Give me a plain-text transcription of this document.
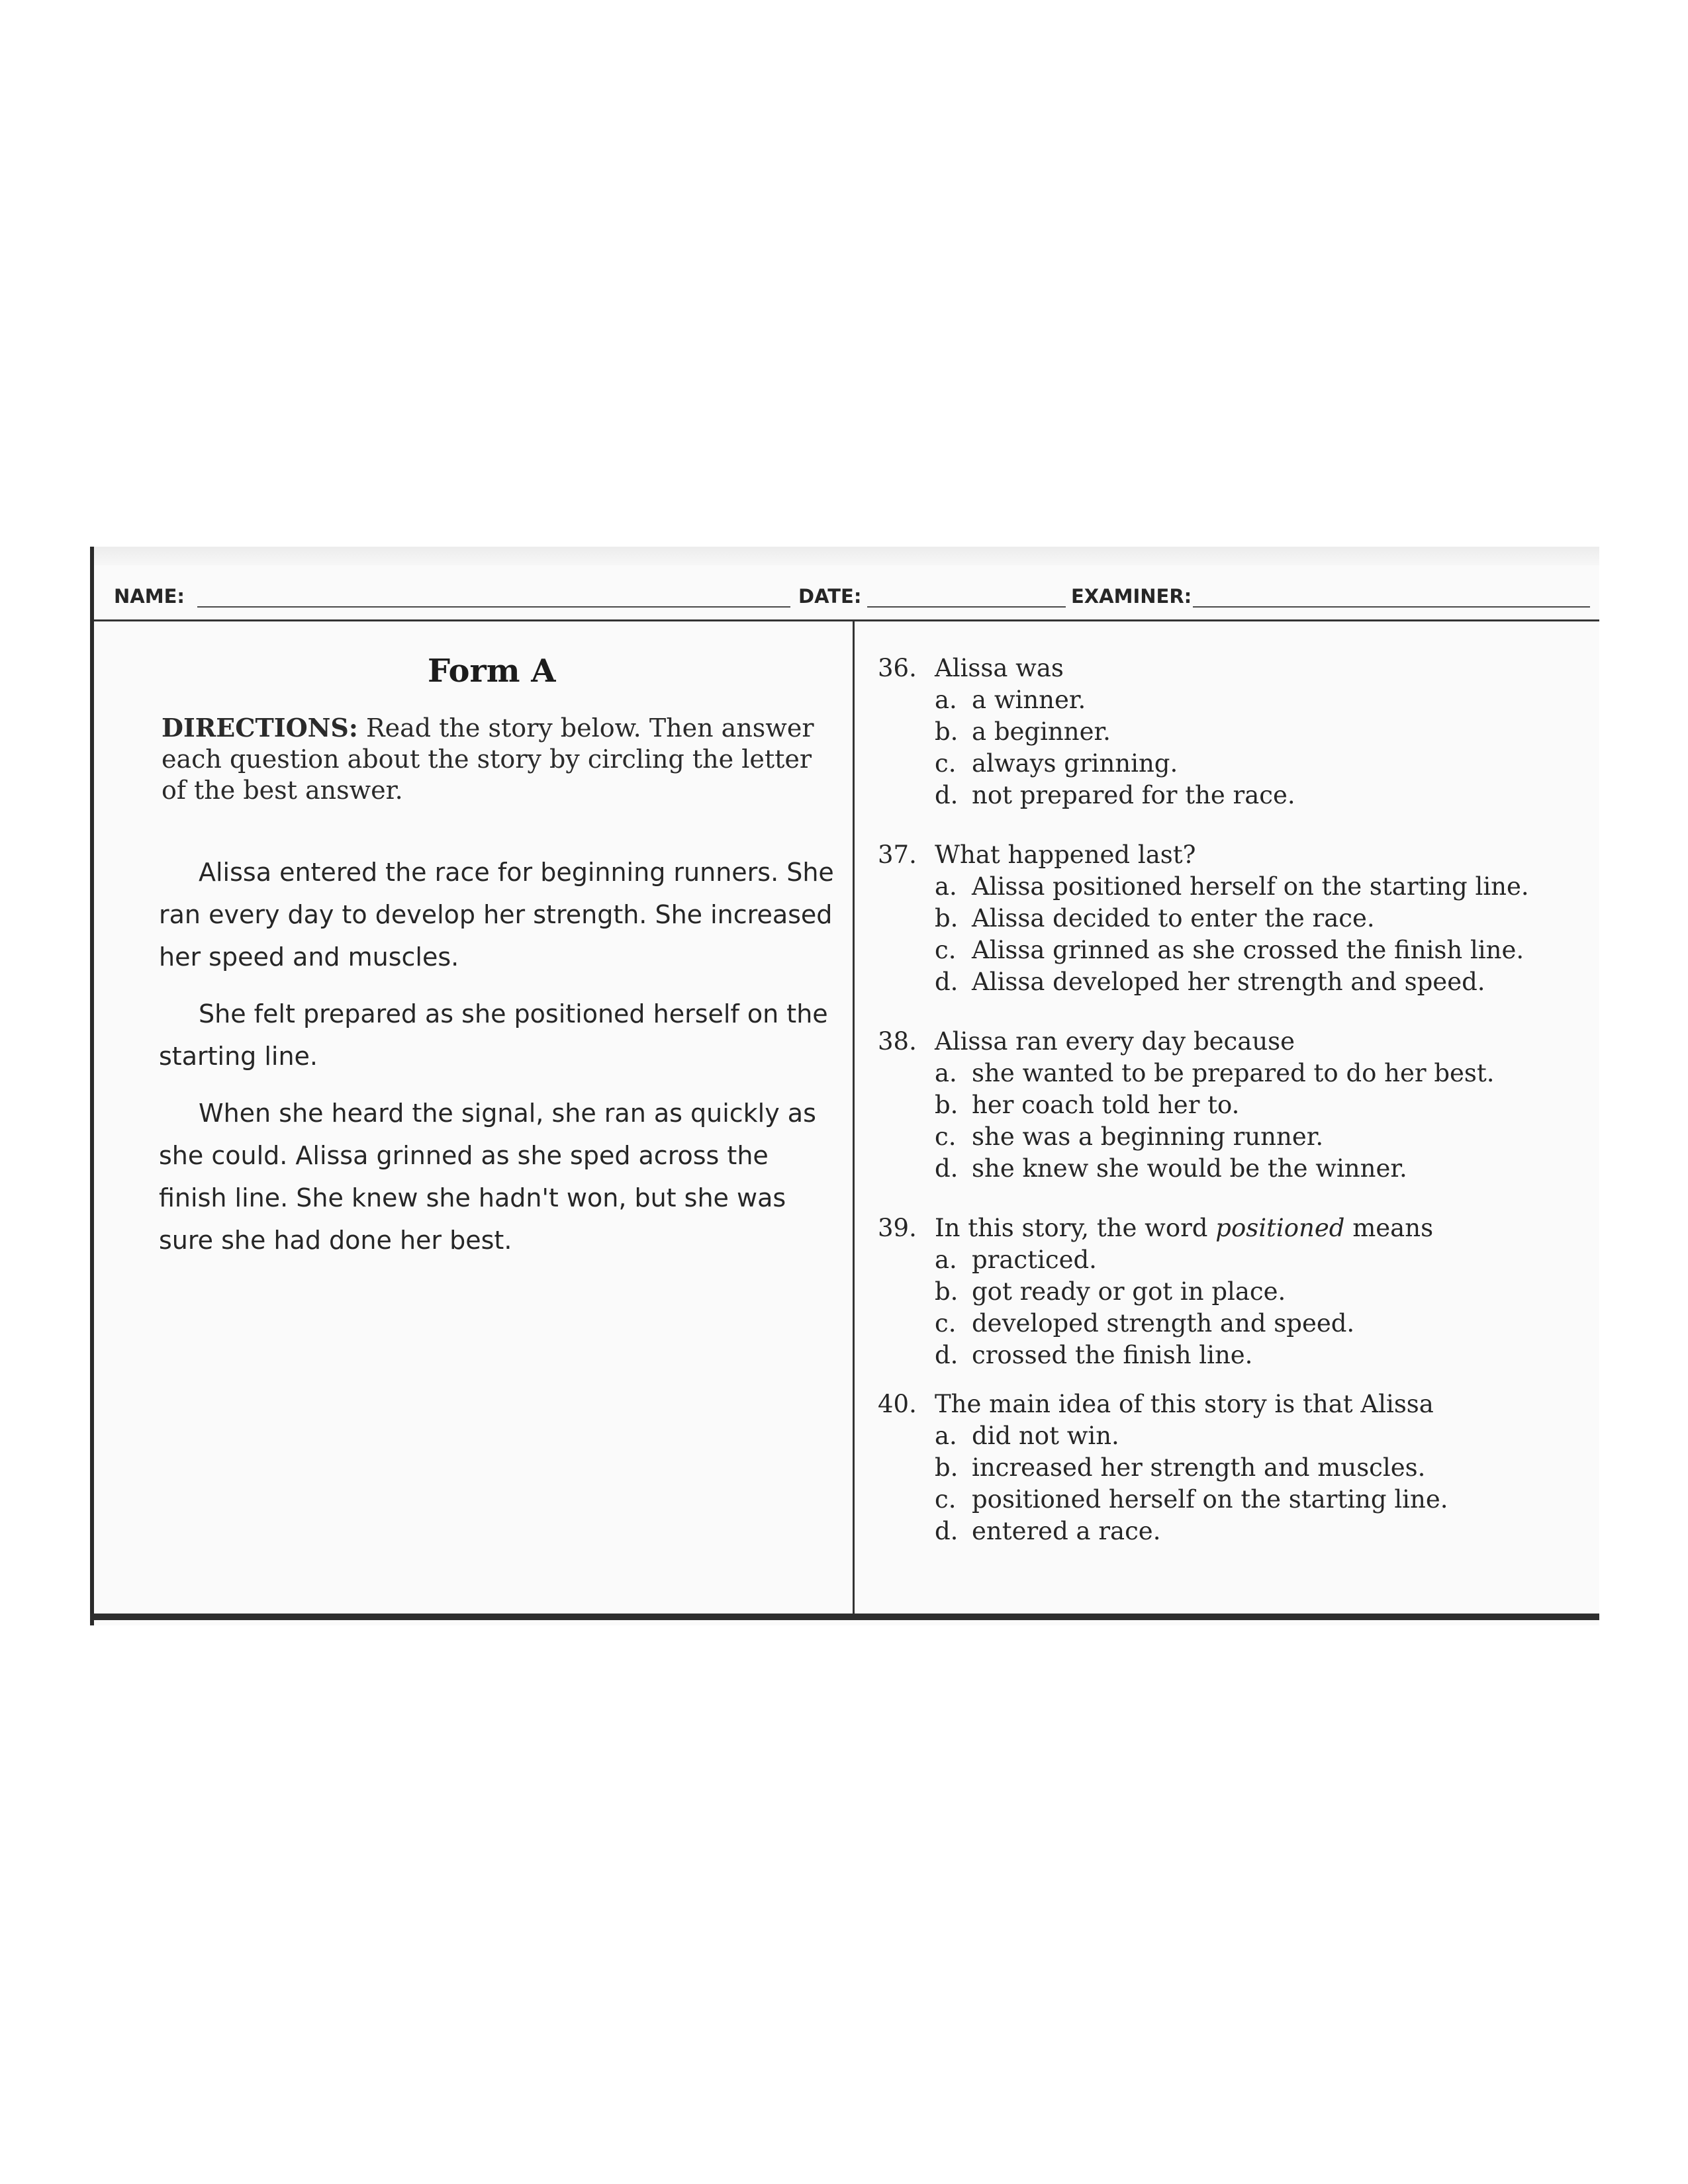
NAME:	DATE:	EXAMINER:
Form A
DIRECTIONS: Read the story below. Then answer each question about the story by circling the letter of the best answer.

Alissa entered the race for beginning runners. She ran every day to develop her strength. She increased her speed and muscles.

She felt prepared as she positioned herself on the starting line.

When she heard the signal, she ran as quickly as she could. Alissa grinned as she sped across the finish line. She knew she hadn't won, but she was sure she had done her best.

36. Alissa was
a. a winner.
b. a beginner.
c. always grinning.
d. not prepared for the race.
37. What happened last?
a. Alissa positioned herself on the starting line.
b. Alissa decided to enter the race.
c. Alissa grinned as she crossed the finish line.
d. Alissa developed her strength and speed.
38. Alissa ran every day because
a. she wanted to be prepared to do her best.
b. her coach told her to.
c. she was a beginning runner.
d. she knew she would be the winner.
39. In this story, the word positioned means
a. practiced.
b. got ready or got in place.
c. developed strength and speed.
d. crossed the finish line.
40. The main idea of this story is that Alissa
a. did not win.
b. increased her strength and muscles.
c. positioned herself on the starting line.
d. entered a race.
